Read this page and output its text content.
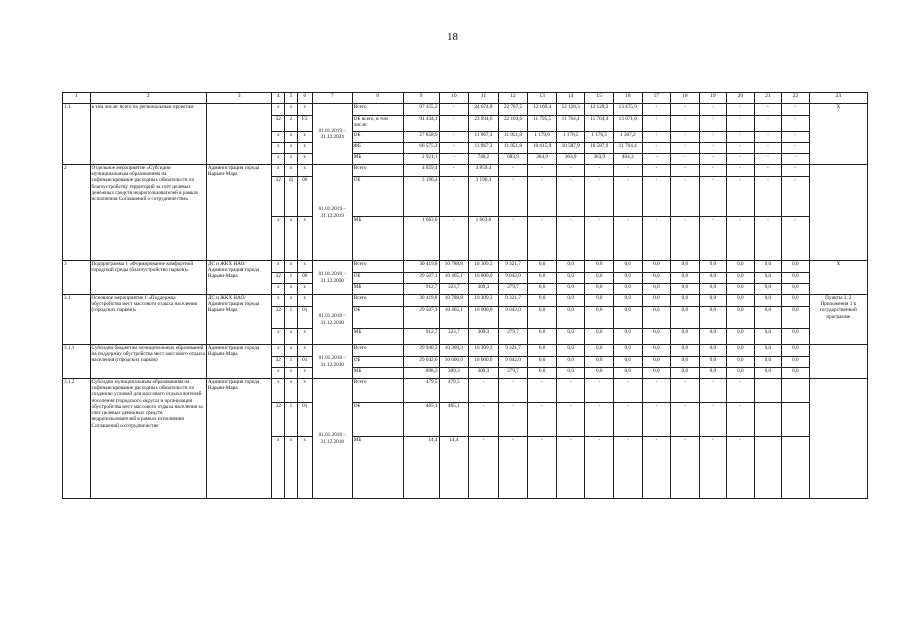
18
1	2	3	4	5	6	7	8	9	10	11	12	13	14	15	16	17	18	19	20	21	22	23
1.1	в том числе: всего по региональным проектам		х	х	х	01.01.2019 – 31.12.2024	Всего	97 355,2	-	24 674,8	22 787,5	12 169,4	12 128,3	12 128,3	13 475,9	-	-	-	-	-	-	X
			32	2	F2		ОБ всего, в том числе:	94 434,1	-	23 934,6	22 103,6	11 795,5	11 764,4	11 764,4	13 071,6	-	-	-	-	-	-	
			х	х	х		ОБ	27 858,9	-	11 967,3	11 051,8	1 179,6	1 176,5	1 176,5	1 307,2	-	-	-	-	-	-	
			х	х	х		ФБ	66 575,2	-	11 967,3	11 051,8	10 615,9	10 587,9	10 587,9	11 764,4	-	-	-	-	-	-	
			х	х	х		МБ	2 921,1	-	740,2	683,9	364,9	363,9	363,9	404,3	-	-	-	-	-	-	
2	Отдельное мероприятие «Субсидии муниципальным образованиям на софинансирование расходных обязательств по благоустройству территорий за счет целевых денежных средств недропользователей в рамках исполнения Соглашений о сотрудничестве»	Администрация города Нарьян-Мара	х	х	х	01.01.2019 – 31.12.2019	Всего	4 859,4	-	4 859,4	-	-	-	-	-	-	-	-	-	-	-	
			32	Ц	00		ОБ	3 196,4	-	3 196,4	-	-	-	-	-	-	-	-	-	-	-	
			х	х	х		МБ	1 663,0	-	1 663,0	-	-	-	-	-	-	-	-	-	-	-	
3	Подпрограмма 1 «Формирование комфортной городской среды (благоустройство парков)»	ДС и ЖКХ НАО/ Администрация города Нарьян-Мара	х	х	х	01.01.2018 – 31.12.2030	Всего	30 419,8	10 788,8	10 309,3	9 321,7	0,0	0,0	0,0	0,0	0,0	0,0	0,0	0,0	0,0	0,0	X
			32	1	00		ОБ	29 507,1	10 465,1	10 000,0	9 042,0	0,0	0,0	0,0	0,0	0,0	0,0	0,0	0,0	0,0	0,0	
			х	х	х		МБ	912,7	323,7	309,3	279,7	0,0	0,0	0,0	0,0	0,0	0,0	0,0	0,0	0,0	0,0	
3.1	Основное мероприятие 1 «Поддержка обустройства мест массового отдыха населения (городских парков)»	ДС и ЖКХ НАО/ Администрация города Нарьян-Мара	х	х	х	01.01.2018 – 31.12.2030	Всего	30 419,8	10 788,8	10 309,3	9 321,7	0,0	0,0	0,0	0,0	0,0	0,0	0,0	0,0	0,0	0,0	Пункты 1, 2 Приложения 1 к государственной программе
			32	1	01		ОБ	29 507,1	10 465,1	10 000,0	9 042,0	0,0	0,0	0,0	0,0	0,0	0,0	0,0	0,0	0,0	0,0	
			х	х	х		МБ	912,7	323,7	309,3	279,7	0,0	0,0	0,0	0,0	0,0	0,0	0,0	0,0	0,0	0,0	
3.1.1	Субсидии бюджетам муниципальных образований на поддержку обустройства мест массового отдыха населения (городских парков)	Администрация города Нарьян-Мара	х	х	х	01.01.2018 – 31.12.2030	Всего	29 940,3	10 309,3	10 309,3	9 321,7	0,0	0,0	0,0	0,0	0,0	0,0	0,0	0,0	0,0	0,0	
			32	1	01		ОБ	29 042,0	10 000,0	10 000,0	9 042,0	0,0	0,0	0,0	0,0	0,0	0,0	0,0	0,0	0,0	0,0	
			х	х	х		МБ	898,3	309,3	309,3	279,7	0,0	0,0	0,0	0,0	0,0	0,0	0,0	0,0	0,0	0,0	
3.1.2	Субсидии муниципальным образованиям на софинансирование расходных обязательств по созданию условий для массового отдыха жителей поселения (городского округа) и организация обустройства мест массового отдыха населения за счет целевых денежных средств недропользователей в рамках исполнения Соглашений о сотрудничестве	Администрация города Нарьян-Мара	х	х	х	01.01.2018 – 31.12.2018	Всего	479,5	479,5	-	-	-	-	-	-	-	-	-	-			
			32	1	01		ОБ	465,1	465,1	-	-	-	-	-	-	-	-	-	-			
			х	х	х		МБ	14,4	14,4	-	-	-	-	-	-	-	-	-	-			
